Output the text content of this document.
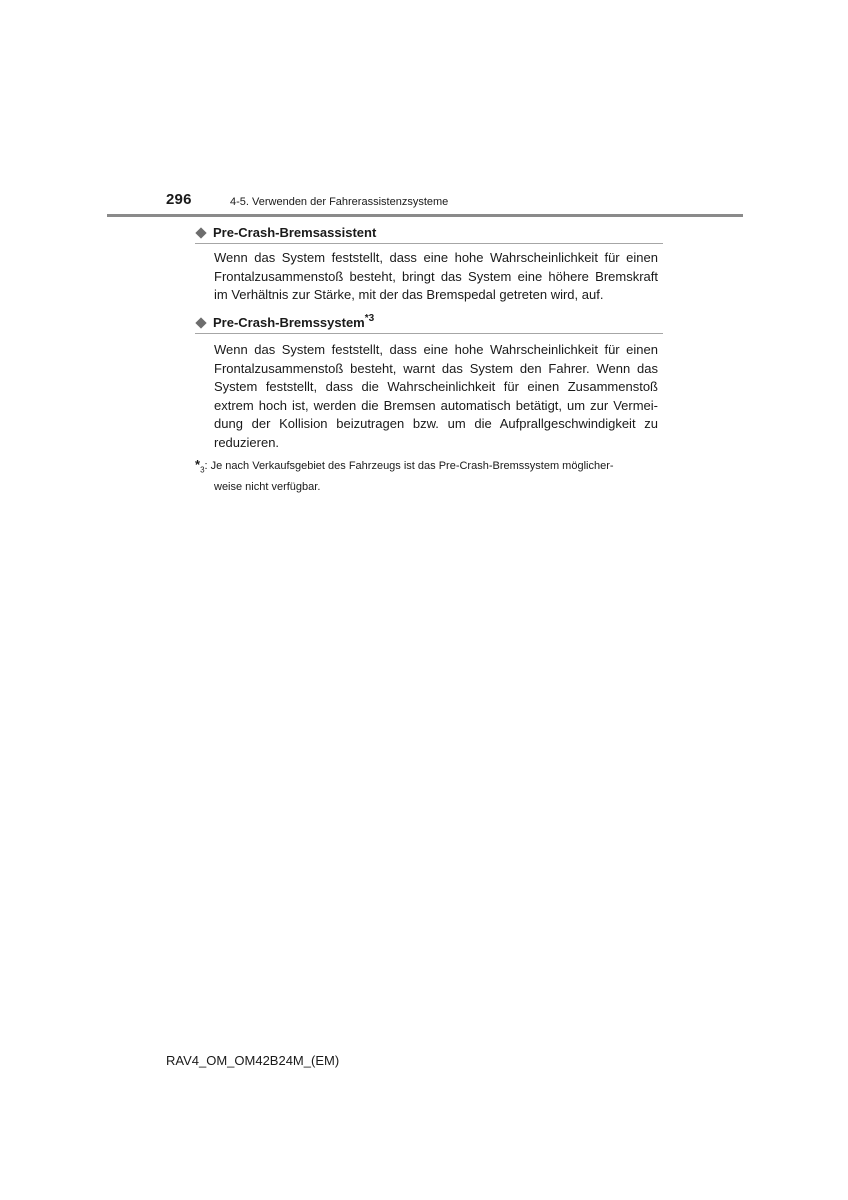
296	4-5. Verwenden der Fahrerassistenzsysteme
Pre-Crash-Bremsassistent

Wenn das System feststellt, dass eine hohe Wahrscheinlichkeit für einen
Frontalzusammenstoß besteht, bringt das System eine höhere Bremskraft
im Verhältnis zur Stärke, mit der das Bremspedal getreten wird, auf.

Pre-Crash-Bremssystem$^{*3}$

Wenn das System feststellt, dass eine hohe Wahrscheinlichkeit für einen
Frontalzusammenstoß besteht, warnt das System den Fahrer. Wenn das
System feststellt, dass die Wahrscheinlichkeit für einen Zusammenstoß
extrem hoch ist, werden die Bremsen automatisch betätigt, um zur Vermei-
dung der Kollision beizutragen bzw. um die Aufprallgeschwindigkeit zu
reduzieren.

$*_3$: Je nach Verkaufsgebiet des Fahrzeugs ist das Pre-Crash-Bremssystem möglicher-
weise nicht verfügbar.
RAV4_OM_OM42B24M_(EM)
